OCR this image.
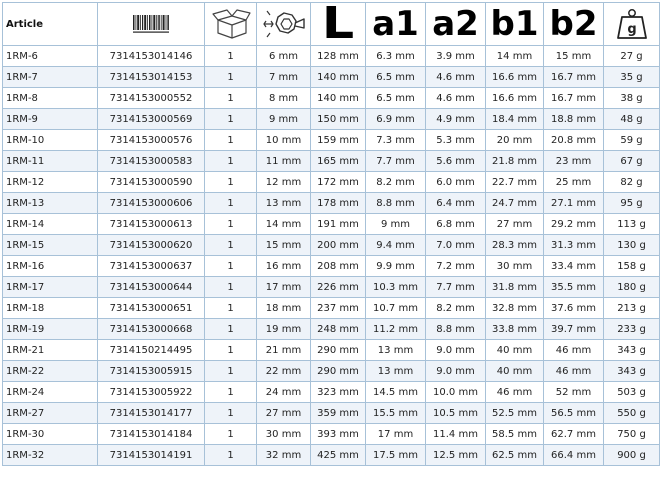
Article				L	a1	a2	b1	b2	g

1RM-6	7314153014146	1	6 mm	128 mm	6.3 mm	3.9 mm	14 mm	15 mm	27 g
1RM-7	7314153014153	1	7 mm	140 mm	6.5 mm	4.6 mm	16.6 mm	16.7 mm	35 g
1RM-8	7314153000552	1	8 mm	140 mm	6.5 mm	4.6 mm	16.6 mm	16.7 mm	38 g
1RM-9	7314153000569	1	9 mm	150 mm	6.9 mm	4.9 mm	18.4 mm	18.8 mm	48 g
1RM-10	7314153000576	1	10 mm	159 mm	7.3 mm	5.3 mm	20 mm	20.8 mm	59 g
1RM-11	7314153000583	1	11 mm	165 mm	7.7 mm	5.6 mm	21.8 mm	23 mm	67 g
1RM-12	7314153000590	1	12 mm	172 mm	8.2 mm	6.0 mm	22.7 mm	25 mm	82 g
1RM-13	7314153000606	1	13 mm	178 mm	8.8 mm	6.4 mm	24.7 mm	27.1 mm	95 g
1RM-14	7314153000613	1	14 mm	191 mm	9 mm	6.8 mm	27 mm	29.2 mm	113 g
1RM-15	7314153000620	1	15 mm	200 mm	9.4 mm	7.0 mm	28.3 mm	31.3 mm	130 g
1RM-16	7314153000637	1	16 mm	208 mm	9.9 mm	7.2 mm	30 mm	33.4 mm	158 g
1RM-17	7314153000644	1	17 mm	226 mm	10.3 mm	7.7 mm	31.8 mm	35.5 mm	180 g
1RM-18	7314153000651	1	18 mm	237 mm	10.7 mm	8.2 mm	32.8 mm	37.6 mm	213 g
1RM-19	7314153000668	1	19 mm	248 mm	11.2 mm	8.8 mm	33.8 mm	39.7 mm	233 g
1RM-21	7314150214495	1	21 mm	290 mm	13 mm	9.0 mm	40 mm	46 mm	343 g
1RM-22	7314153005915	1	22 mm	290 mm	13 mm	9.0 mm	40 mm	46 mm	343 g
1RM-24	7314153005922	1	24 mm	323 mm	14.5 mm	10.0 mm	46 mm	52 mm	503 g
1RM-27	7314153014177	1	27 mm	359 mm	15.5 mm	10.5 mm	52.5 mm	56.5 mm	550 g
1RM-30	7314153014184	1	30 mm	393 mm	17 mm	11.4 mm	58.5 mm	62.7 mm	750 g
1RM-32	7314153014191	1	32 mm	425 mm	17.5 mm	12.5 mm	62.5 mm	66.4 mm	900 g
